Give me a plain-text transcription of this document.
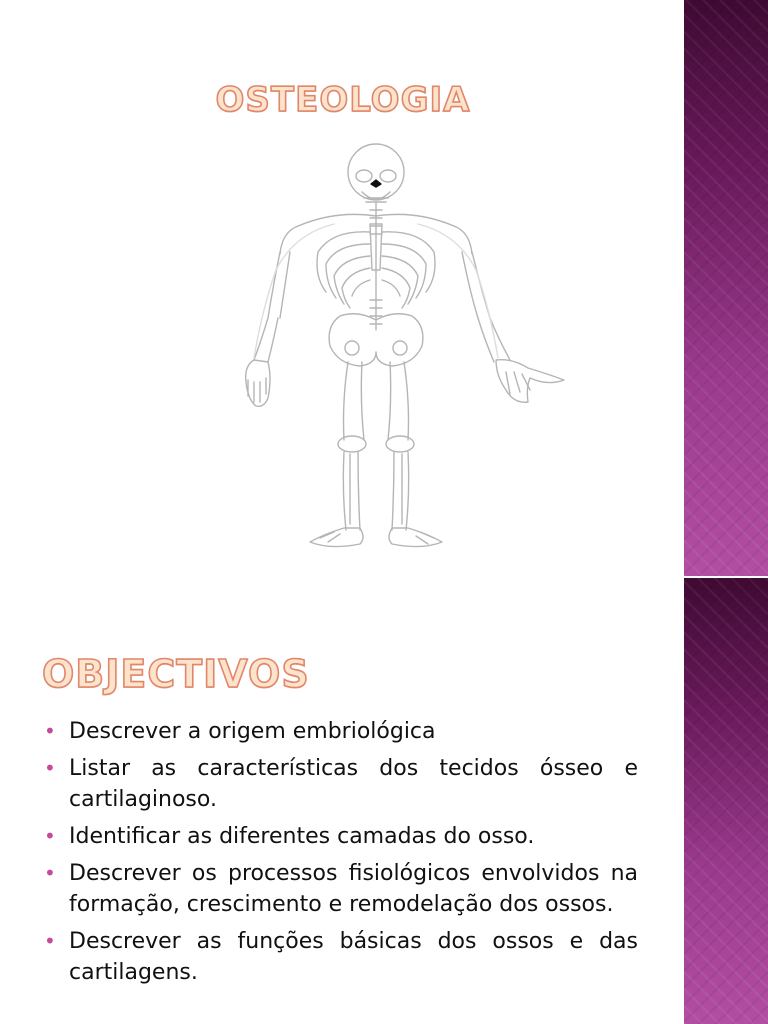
OSTEOLOGIA
OBJECTIVOS
• Descrever a origem embriológica
• Listar as características dos tecidos ósseo e cartilaginoso.
• Identificar as diferentes camadas do osso.
• Descrever os processos fisiológicos envolvidos na formação, crescimento e remodelação dos ossos.
• Descrever as funções básicas dos ossos e das cartilagens.
